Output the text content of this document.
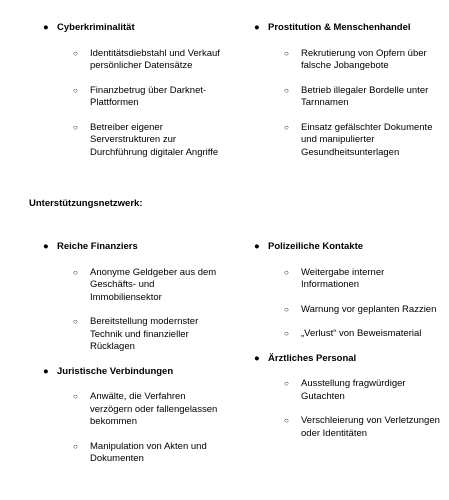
● Cyberkriminalität

○ Identitätsdiebstahl und Verkauf persönlicher Datensätze

○ Finanzbetrug über Darknet-Plattformen

○ Betreiber eigener Serverstrukturen zur Durchführung digitaler Angriffe

● Prostitution & Menschenhandel

○ Rekrutierung von Opfern über falsche Jobangebote

○ Betrieb illegaler Bordelle unter Tarnnamen

○ Einsatz gefälschter Dokumente und manipulierter Gesundheitsunterlagen

Unterstützungsnetzwerk:

● Reiche Finanziers

○ Anonyme Geldgeber aus dem Geschäfts- und Immobiliensektor

○ Bereitstellung modernster Technik und finanzieller Rücklagen

● Juristische Verbindungen

○ Anwälte, die Verfahren verzögern oder fallengelassen bekommen

○ Manipulation von Akten und Dokumenten

● Polizeiliche Kontakte

○ Weitergabe interner Informationen

○ Warnung vor geplanten Razzien

○ „Verlust“ von Beweismaterial

● Ärztliches Personal

○ Ausstellung fragwürdiger Gutachten

○ Verschleierung von Verletzungen oder Identitäten
